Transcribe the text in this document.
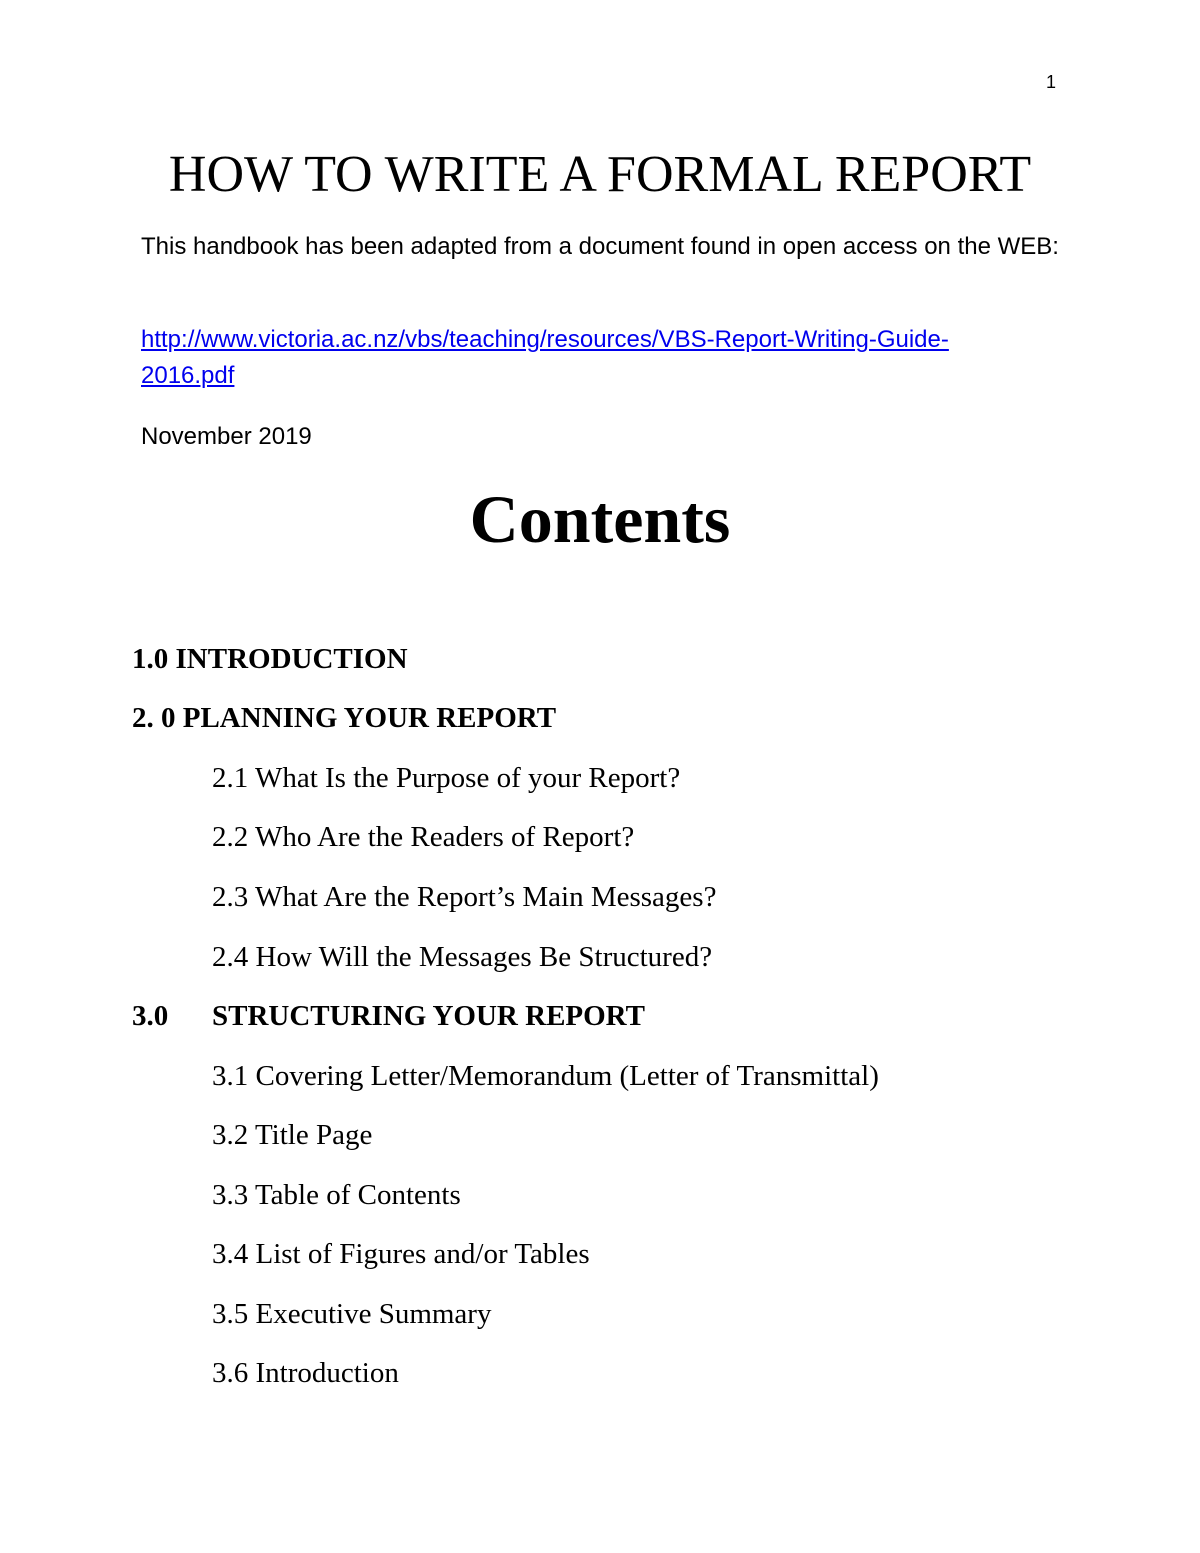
1
HOW TO WRITE A FORMAL REPORT

This handbook has been adapted from a document found in open access on the WEB:

http://www.victoria.ac.nz/vbs/teaching/resources/VBS-Report-Writing-Guide-2016.pdf

November 2019

Contents
1.0 INTRODUCTION
2. 0 PLANNING YOUR REPORT
2.1 What Is the Purpose of your Report?
2.2 Who Are the Readers of Report?
2.3 What Are the Report’s Main Messages?
2.4 How Will the Messages Be Structured?
3.0 STRUCTURING YOUR REPORT
3.1 Covering Letter/Memorandum (Letter of Transmittal)
3.2 Title Page
3.3 Table of Contents
3.4 List of Figures and/or Tables
3.5 Executive Summary
3.6 Introduction
